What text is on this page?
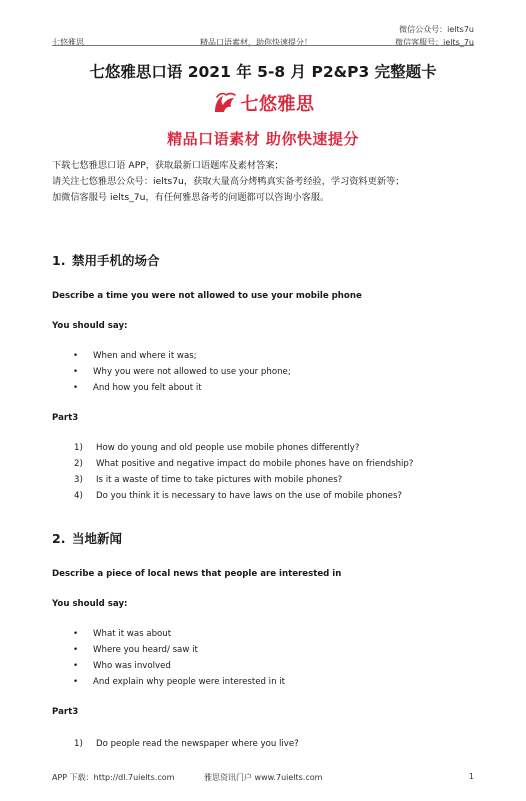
七悠雅思	精品口语素材，助你快速提分！
微信公众号：ielts7u
微信客服号：ielts_7u
七悠雅思口语 2021 年 5-8 月 P2&P3 完整题卡
七悠雅思
精品口语素材 助你快速提分
下载七悠雅思口语 APP，获取最新口语题库及素材答案；
请关注七悠雅思公众号：ielts7u，获取大量高分烤鸭真实备考经验，学习资料更新等；
加微信客服号 ielts_7u，有任何雅思备考的问题都可以咨询小客服。
1. 禁用手机的场合
Describe a time you were not allowed to use your mobile phone
You should say:
• When and where it was;
• Why you were not allowed to use your phone;
• And how you felt about it
Part3
1) How do young and old people use mobile phones differently?
2) What positive and negative impact do mobile phones have on friendship?
3) Is it a waste of time to take pictures with mobile phones?
4) Do you think it is necessary to have laws on the use of mobile phones?
2. 当地新闻
Describe a piece of local news that people are interested in
You should say:
• What it was about
• Where you heard/ saw it
• Who was involved
• And explain why people were interested in it
Part3
1) Do people read the newspaper where you live?
APP 下载：http://dl.7uielts.com	雅思资讯门户 www.7uielts.com	1
